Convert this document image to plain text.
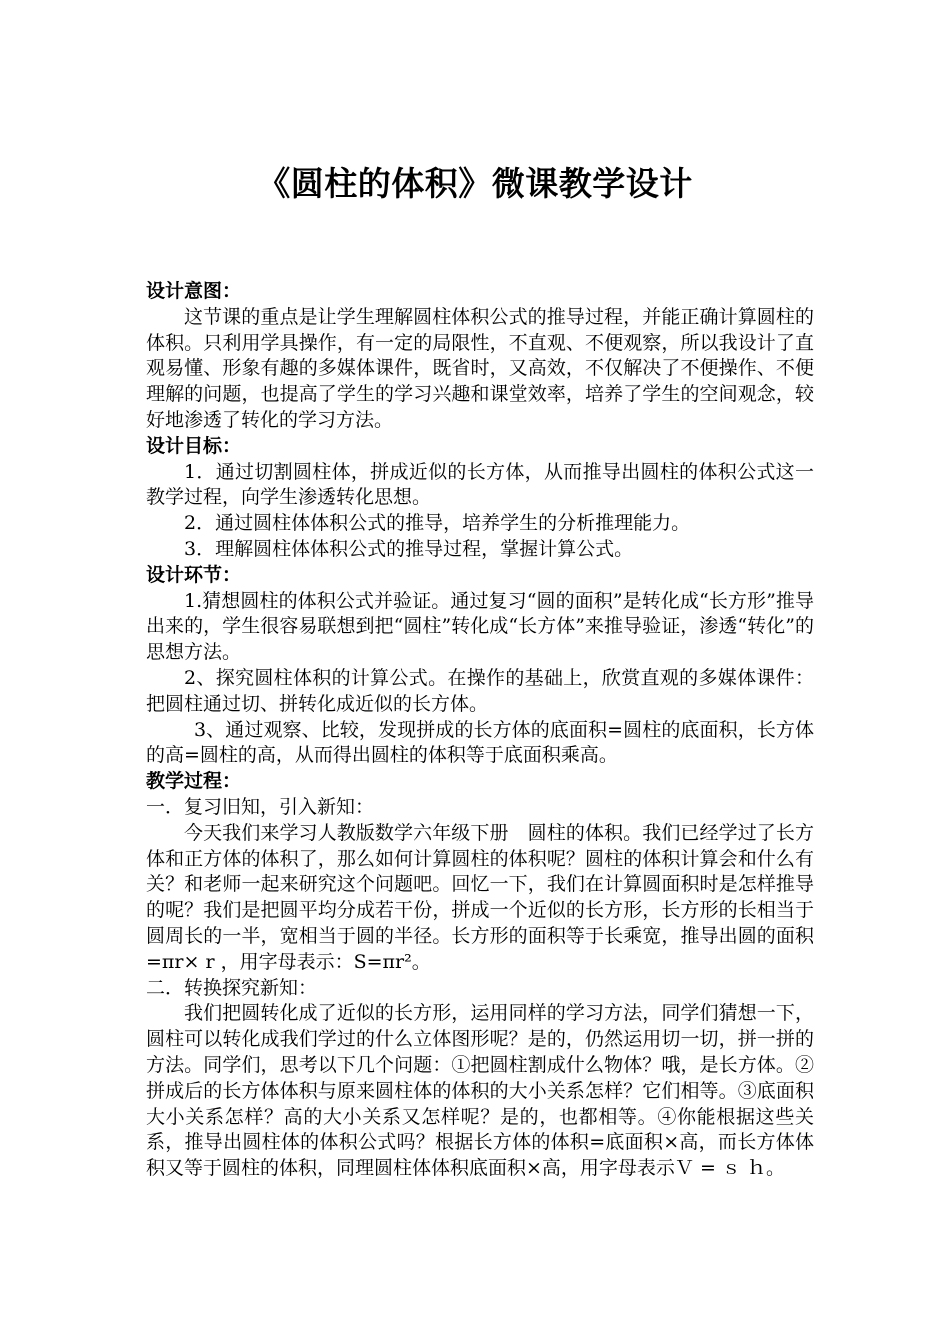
《圆柱的体积》微课教学设计
设计意图：

这节课的重点是让学生理解圆柱体积公式的推导过程，并能正确计算圆柱的体积。只利用学具操作，有一定的局限性，不直观、不便观察，所以我设计了直观易懂、形象有趣的多媒体课件，既省时，又高效，不仅解决了不便操作、不便理解的问题，也提高了学生的学习兴趣和课堂效率，培养了学生的空间观念，较好地渗透了转化的学习方法。

设计目标：

1．通过切割圆柱体，拼成近似的长方体，从而推导出圆柱的体积公式这一教学过程，向学生渗透转化思想。

2．通过圆柱体体积公式的推导，培养学生的分析推理能力。

3．理解圆柱体体积公式的推导过程，掌握计算公式。

设计环节：

1.猜想圆柱的体积公式并验证。通过复习“圆的面积”是转化成“长方形”推导出来的，学生很容易联想到把“圆柱”转化成“长方体”来推导验证，渗透“转化”的思想方法。

2、探究圆柱体积的计算公式。在操作的基础上，欣赏直观的多媒体课件：把圆柱通过切、拼转化成近似的长方体。

3、通过观察、比较，发现拼成的长方体的底面积=圆柱的底面积，长方体的高=圆柱的高，从而得出圆柱的体积等于底面积乘高。

教学过程：

一．复习旧知，引入新知：

今天我们来学习人教版数学六年级下册　圆柱的体积。我们已经学过了长方体和正方体的体积了，那么如何计算圆柱的体积呢？圆柱的体积计算会和什么有关？和老师一起来研究这个问题吧。回忆一下，我们在计算圆面积时是怎样推导的呢？我们是把圆平均分成若干份，拼成一个近似的长方形，长方形的长相当于圆周长的一半，宽相当于圆的半径。长方形的面积等于长乘宽，推导出圆的面积=πr× r ，用字母表示：S=πr²。

二．转换探究新知：

我们把圆转化成了近似的长方形，运用同样的学习方法，同学们猜想一下，圆柱可以转化成我们学过的什么立体图形呢？是的，仍然运用切一切，拼一拼的方法。同学们，思考以下几个问题：①把圆柱割成什么物体？哦，是长方体。②拼成后的长方体体积与原来圆柱体的体积的大小关系怎样？它们相等。③底面积大小关系怎样？高的大小关系又怎样呢？是的，也都相等。④你能根据这些关系，推导出圆柱体的体积公式吗？根据长方体的体积=底面积×高，而长方体体积又等于圆柱的体积，同理圆柱体体积底面积×高，用字母表示Ｖ = ｓ ｈ。
